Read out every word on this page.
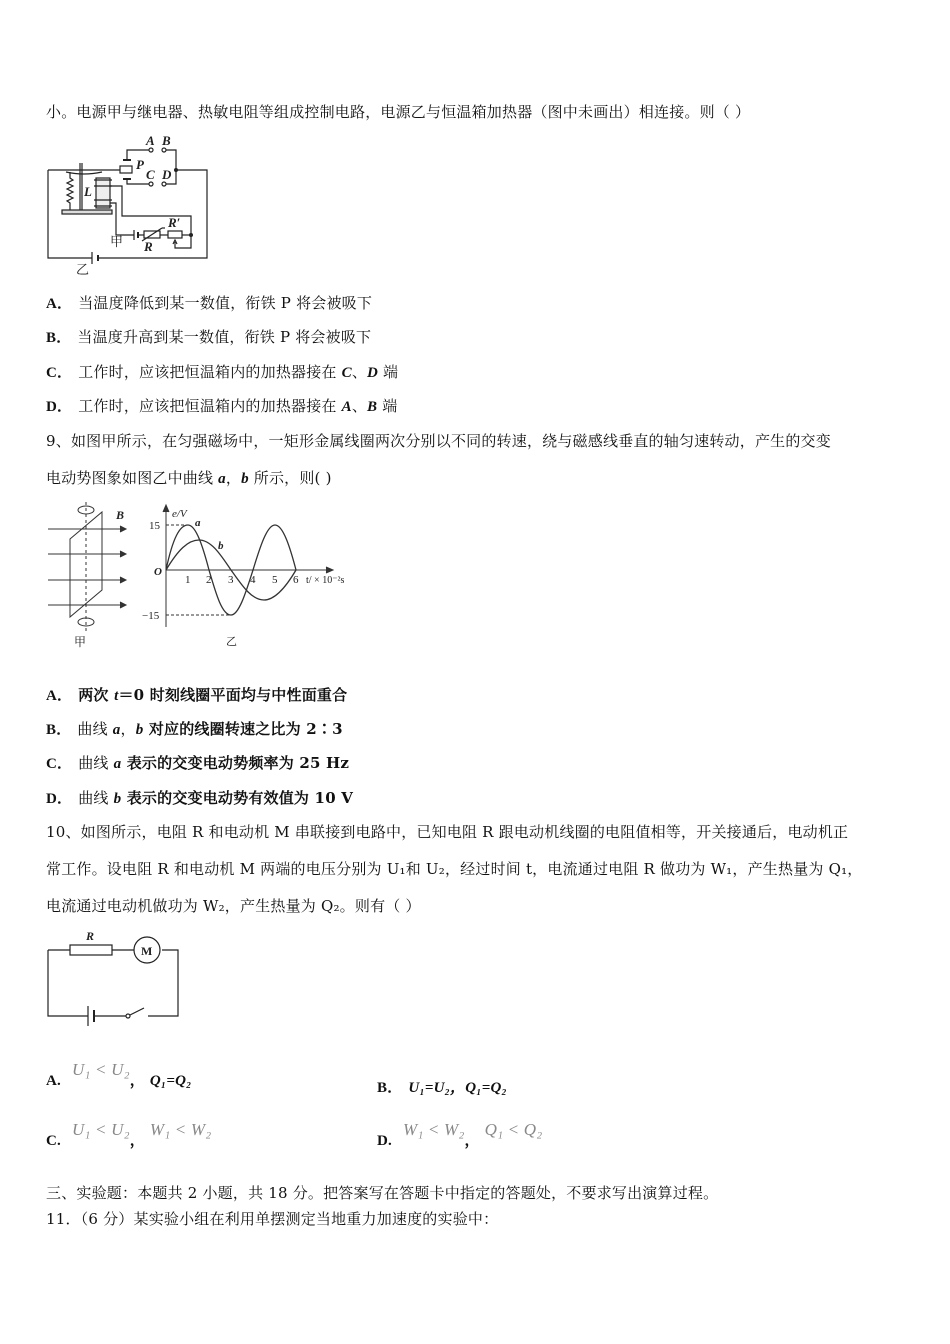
小。电源甲与继电器、热敏电阻等组成控制电路，电源乙与恒温箱加热器（图中未画出）相连接。则（ ）
A B
P
C D
L
R
R′
甲
乙
A． 当温度降低到某一数值，衔铁 P 将会被吸下
B． 当温度升高到某一数值，衔铁 P 将会被吸下
C． 工作时，应该把恒温箱内的加热器接在 C、D 端
D． 工作时，应该把恒温箱内的加热器接在 A、B 端
9、如图甲所示，在匀强磁场中，一矩形金属线圈两次分别以不同的转速，绕与磁感线垂直的轴匀速转动，产生的交变
电动势图象如图乙中曲线 a，b 所示，则( )
B
甲
e/V
15
−15
O
1 2 3 4 5 6 t/ × 10⁻²s
a
b
乙
A． 两次 t＝0 时刻线圈平面均与中性面重合
B． 曲线 a，b 对应的线圈转速之比为 2∶3
C． 曲线 a 表示的交变电动势频率为 25 Hz
D． 曲线 b 表示的交变电动势有效值为 10 V
10、如图所示，电阻 R 和电动机 M 串联接到电路中，已知电阻 R 跟电动机线圈的电阻值相等，开关接通后，电动机正
常工作。设电阻 R 和电动机 M 两端的电压分别为 U₁和 U₂，经过时间 t，电流通过电阻 R 做功为 W₁，产生热量为 Q₁，
电流通过电动机做功为 W₂，产生热量为 Q₂。则有（ ）
R
M
A. U₁ < U₂， Q₁=Q₂	B． U₁=U₂，Q₁=Q₂
C. U₁ < U₂， W₁ < W₂
D. W₁ < W₂， Q₁ < Q₂
三、实验题：本题共 2 小题，共 18 分。把答案写在答题卡中指定的答题处，不要求写出演算过程。
11．（6 分）某实验小组在利用单摆测定当地重力加速度的实验中：
